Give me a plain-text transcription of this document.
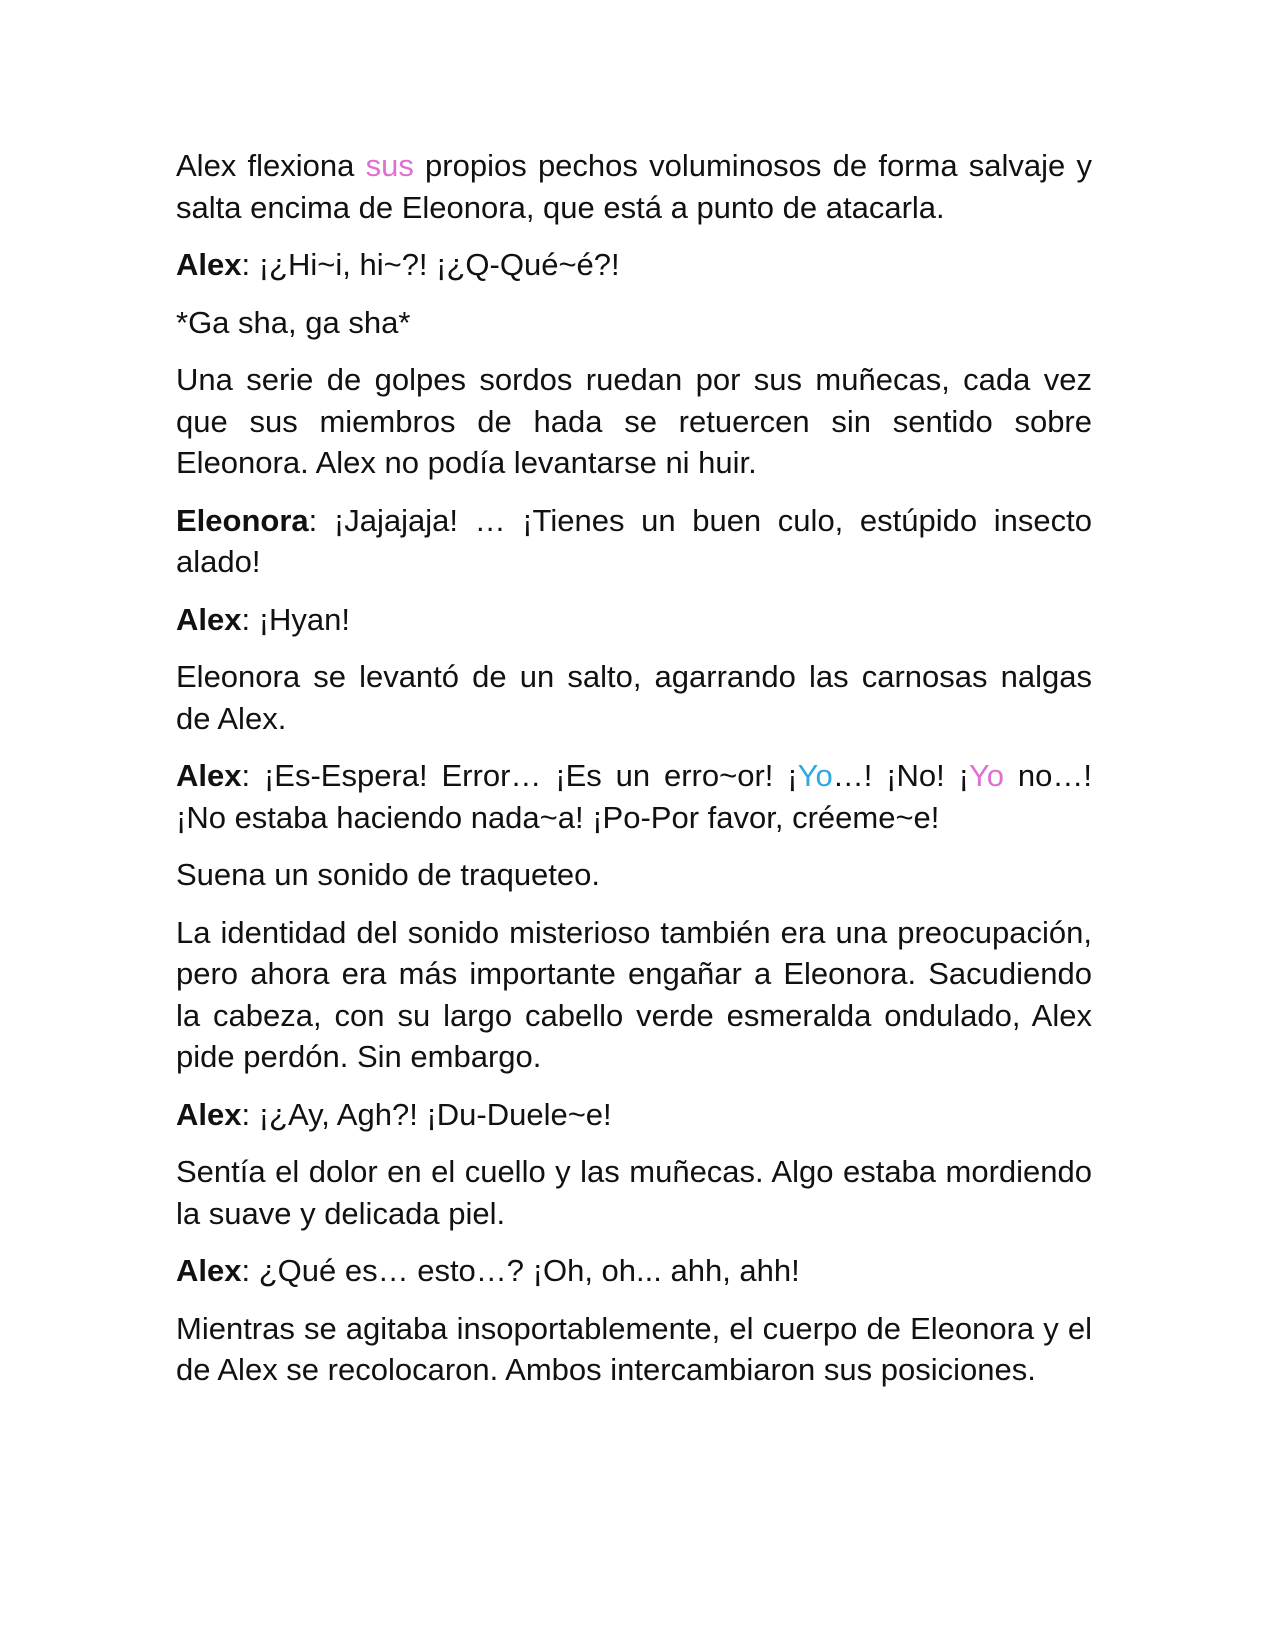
Alex flexiona sus propios pechos voluminosos de forma salvaje y salta encima de Eleonora, que está a punto de atacarla.

Alex: ¡¿Hi~i, hi~?! ¡¿Q-Qué~é?!

*Ga sha, ga sha*

Una serie de golpes sordos ruedan por sus muñecas, cada vez que sus miembros de hada se retuercen sin sentido sobre Eleonora. Alex no podía levantarse ni huir.

Eleonora: ¡Jajajaja! … ¡Tienes un buen culo, estúpido insecto alado!

Alex: ¡Hyan!

Eleonora se levantó de un salto, agarrando las carnosas nalgas de Alex.

Alex: ¡Es-Espera! Error… ¡Es un erro~or! ¡Yo…! ¡No! ¡Yo no…! ¡No estaba haciendo nada~a! ¡Po-Por favor, créeme~e!

Suena un sonido de traqueteo.

La identidad del sonido misterioso también era una preocupación, pero ahora era más importante engañar a Eleonora. Sacudiendo la cabeza, con su largo cabello verde esmeralda ondulado, Alex pide perdón. Sin embargo.

Alex: ¡¿Ay, Agh?! ¡Du-Duele~e!

Sentía el dolor en el cuello y las muñecas. Algo estaba mordiendo la suave y delicada piel.

Alex: ¿Qué es… esto…? ¡Oh, oh... ahh, ahh!

Mientras se agitaba insoportablemente, el cuerpo de Eleonora y el de Alex se recolocaron. Ambos intercambiaron sus posiciones.
